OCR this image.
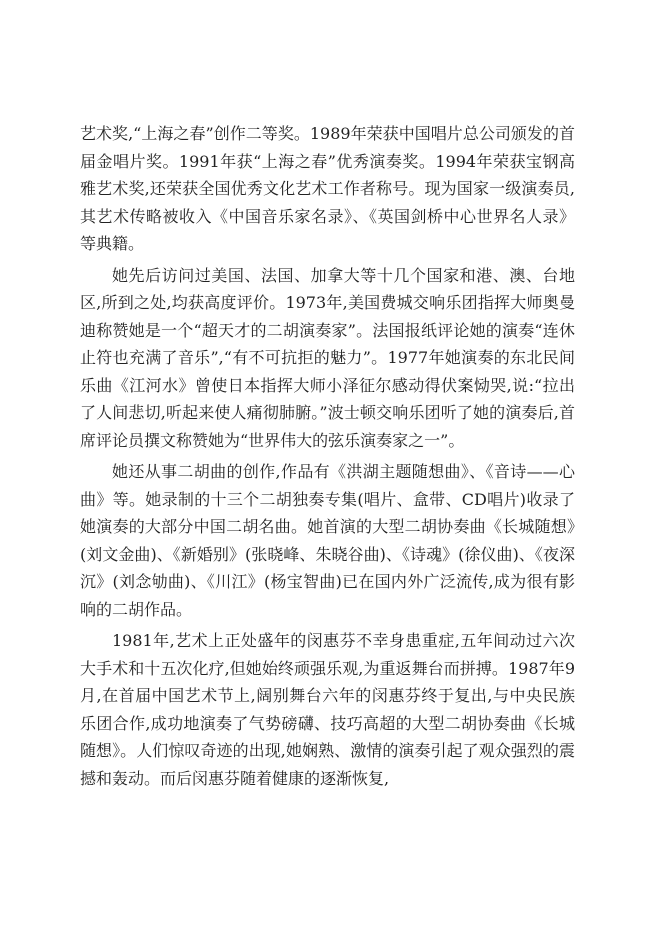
艺术奖,“上海之春”创作二等奖。1989年荣获中国唱片总公司颁发的首届金唱片奖。1991年获“上海之春”优秀演奏奖。1994年荣获宝钢高雅艺术奖,还荣获全国优秀文化艺术工作者称号。现为国家一级演奏员,其艺术传略被收入《中国音乐家名录》、《英国剑桥中心世界名人录》等典籍。

她先后访问过美国、法国、加拿大等十几个国家和港、澳、台地区,所到之处,均获高度评价。1973年,美国费城交响乐团指挥大师奥曼迪称赞她是一个“超天才的二胡演奏家”。法国报纸评论她的演奏“连休止符也充满了音乐”,“有不可抗拒的魅力”。1977年她演奏的东北民间乐曲《江河水》曾使日本指挥大师小泽征尔感动得伏案恸哭,说:“拉出了人间悲切,听起来使人痛彻肺腑。”波士顿交响乐团听了她的演奏后,首席评论员撰文称赞她为“世界伟大的弦乐演奏家之一”。

她还从事二胡曲的创作,作品有《洪湖主题随想曲》、《音诗——心曲》等。她录制的十三个二胡独奏专集(唱片、盒带、CD唱片)收录了她演奏的大部分中国二胡名曲。她首演的大型二胡协奏曲《长城随想》(刘文金曲)、《新婚别》(张晓峰、朱晓谷曲)、《诗魂》(徐仪曲)、《夜深沉》(刘念劬曲)、《川江》(杨宝智曲)已在国内外广泛流传,成为很有影响的二胡作品。

1981年,艺术上正处盛年的闵惠芬不幸身患重症,五年间动过六次大手术和十五次化疗,但她始终顽强乐观,为重返舞台而拼搏。1987年9月,在首届中国艺术节上,阔别舞台六年的闵惠芬终于复出,与中央民族乐团合作,成功地演奏了气势磅礴、技巧高超的大型二胡协奏曲《长城随想》。人们惊叹奇迹的出现,她娴熟、激情的演奏引起了观众强烈的震撼和轰动。而后闵惠芬随着健康的逐渐恢复,
